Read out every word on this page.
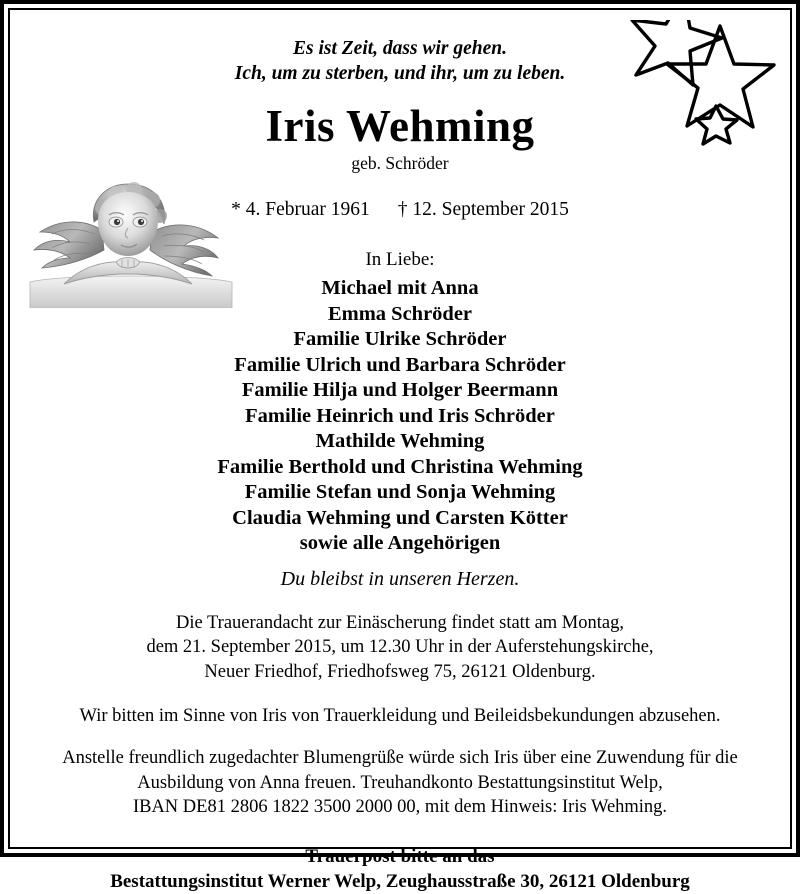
Es ist Zeit, dass wir gehen.
Ich, um zu sterben, und ihr, um zu leben.
Iris Wehming
geb. Schröder
* 4. Februar 1961 † 12. September 2015
In Liebe:
Michael mit Anna
Emma Schröder
Familie Ulrike Schröder
Familie Ulrich und Barbara Schröder
Familie Hilja und Holger Beermann
Familie Heinrich und Iris Schröder
Mathilde Wehming
Familie Berthold und Christina Wehming
Familie Stefan und Sonja Wehming
Claudia Wehming und Carsten Kötter
sowie alle Angehörigen
Du bleibst in unseren Herzen.
Die Trauerandacht zur Einäscherung findet statt am Montag,
dem 21. September 2015, um 12.30 Uhr in der Auferstehungskirche,
Neuer Friedhof, Friedhofsweg 75, 26121 Oldenburg.
Wir bitten im Sinne von Iris von Trauerkleidung und Beileidsbekundungen abzusehen.
Anstelle freundlich zugedachter Blumengrüße würde sich Iris über eine Zuwendung für die
Ausbildung von Anna freuen. Treuhandkonto Bestattungsinstitut Welp,
IBAN DE81 2806 1822 3500 2000 00, mit dem Hinweis: Iris Wehming.
Trauerpost bitte an das
Bestattungsinstitut Werner Welp, Zeughausstraße 30, 26121 Oldenburg
